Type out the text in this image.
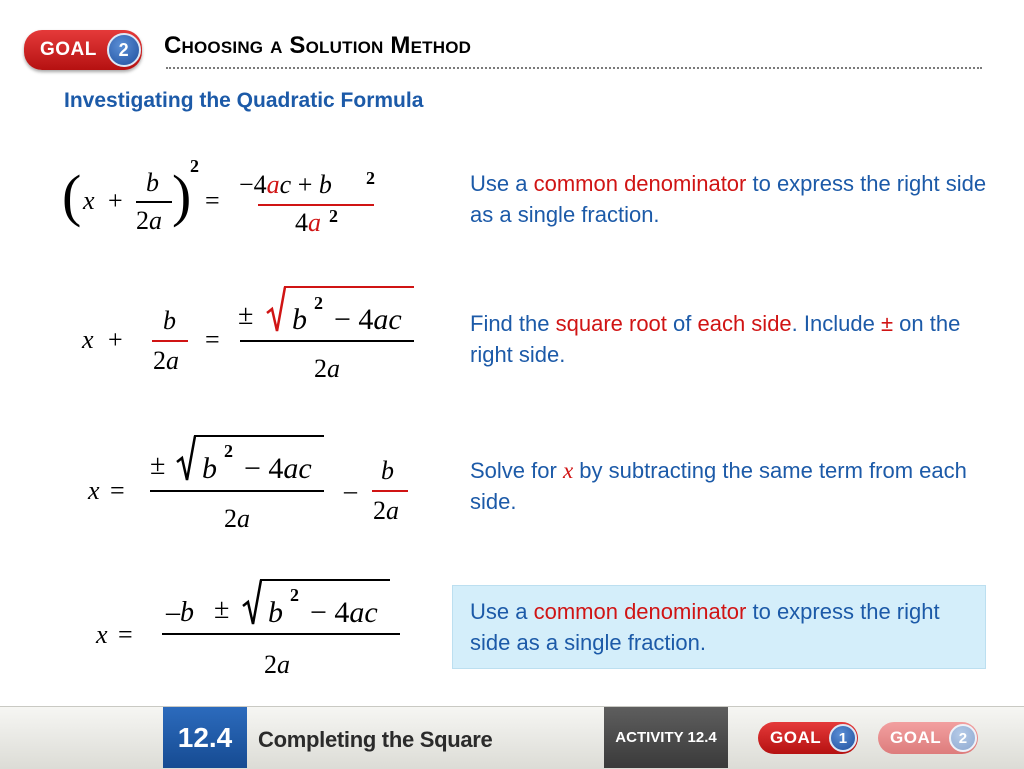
GOAL	2	Choosing a Solution Method
Investigating the Quadratic Formula
( x +
b
2a )
2
=
−4ac + b 2
4a 2
Use a common denominator to express the right side as a single fraction.
x +
b
2a
=
± b 2 − 4ac
2a
Find the square root of each side. Include ± on the right side.
x =
± b
2
− 4ac
2a
–
b
2a
Solve for x by subtracting the same term from each side.
x =
–b ± b
2
− 4ac
2a
Use a common denominator to express the right side as a single fraction.
12.4	Completing the Square	ACTIVITY 12.4	GOAL	1	GOAL	2
